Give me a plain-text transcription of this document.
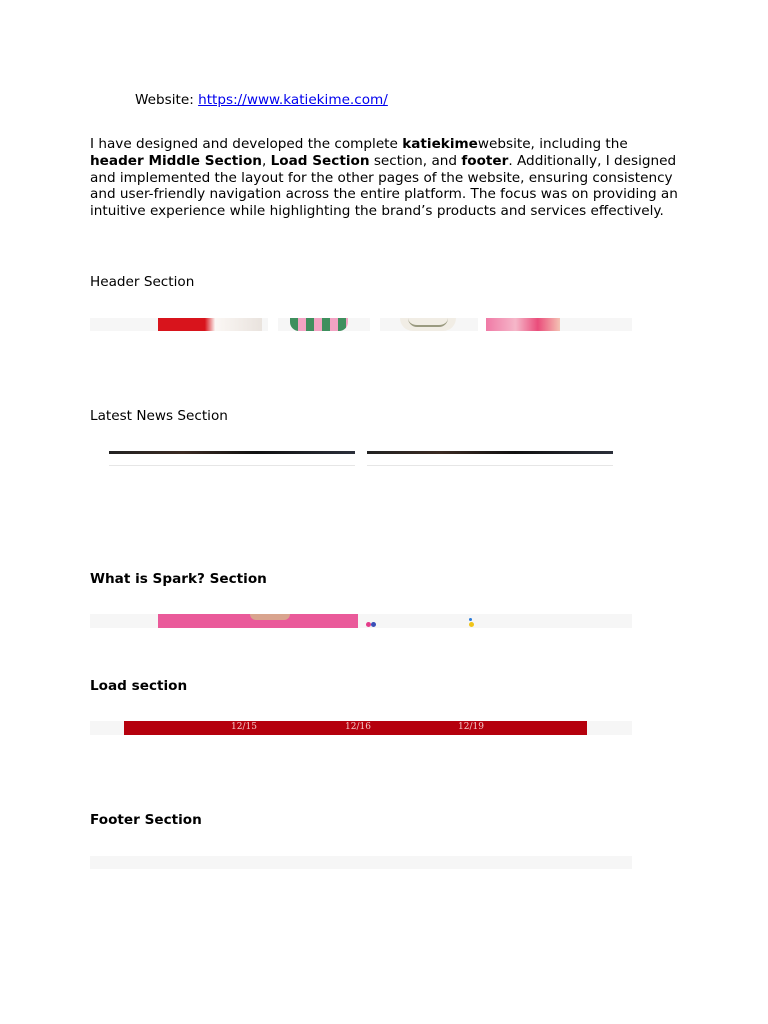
Website: https://www.katiekime.com/
I have designed and developed the complete katiekimewebsite, including the header Middle Section, Load Section section, and footer. Additionally, I designed and implemented the layout for the other pages of the website, ensuring consistency and user-friendly navigation across the entire platform. The focus was on providing an intuitive experience while highlighting the brand’s products and services effectively.
Header Section
Latest News Section
What is Spark? Section
Load section
12/15	12/16	12/19
Footer Section
